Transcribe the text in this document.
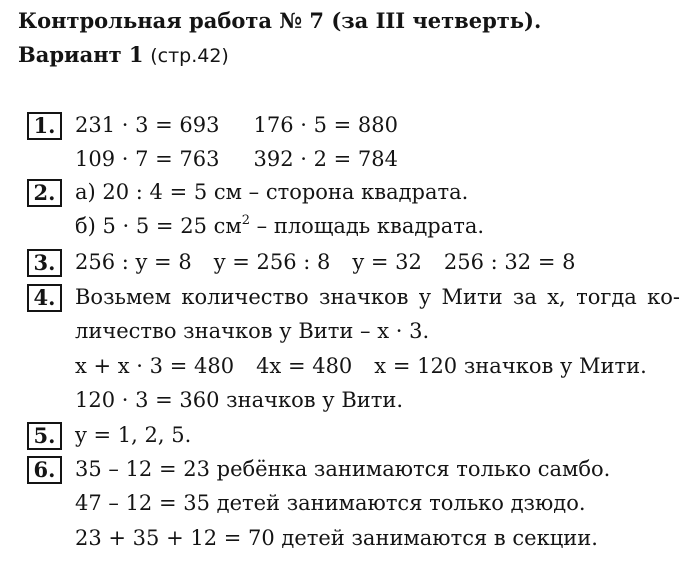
Контрольная работа № 7 (за III четверть).
Вариант 1 (стр.42)
1. 231 · 3 = 693 176 · 5 = 880
109 · 7 = 763 392 · 2 = 784
2. а) 20 : 4 = 5 см – сторона квадрата.
б) 5 · 5 = 25 $см^2$ – площадь квадрата.
3. 256 : y = 8 y = 256 : 8 y = 32 256 : 32 = 8
4. Возьмем количество значков у Мити за x, тогда ко-
личество значков у Вити – x · 3.
x + x · 3 = 480 4x = 480 x = 120 значков у Мити.
120 · 3 = 360 значков у Вити.
5. y = 1, 2, 5.
6. 35 – 12 = 23 ребёнка занимаются только самбо.
47 – 12 = 35 детей занимаются только дзюдо.
23 + 35 + 12 = 70 детей занимаются в секции.
